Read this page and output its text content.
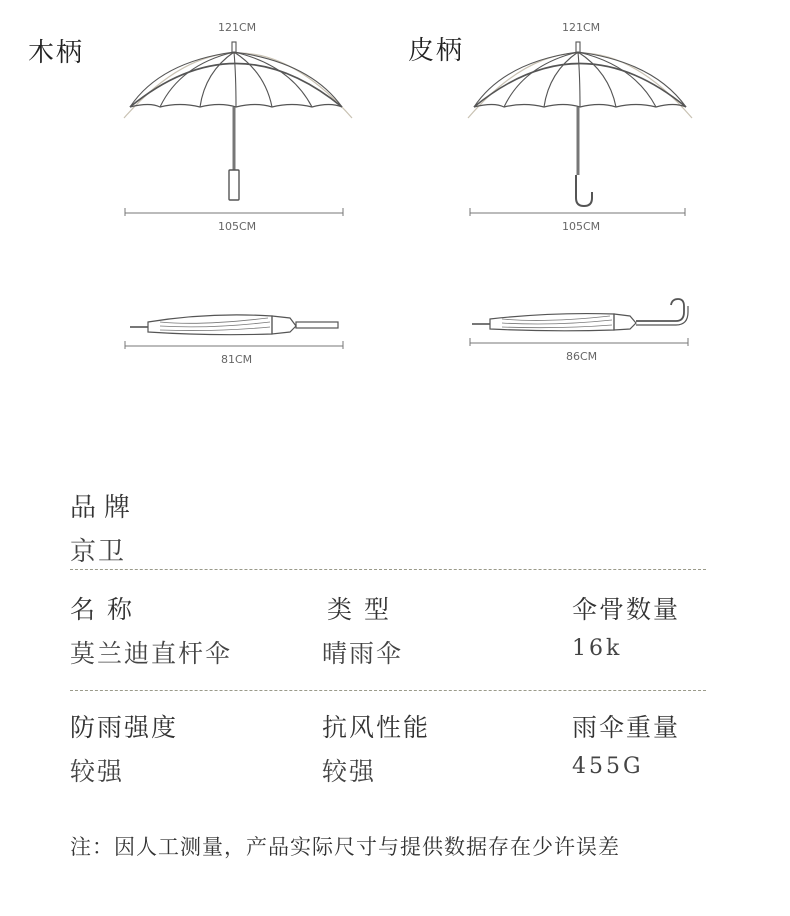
木柄	皮柄
121CM
105CM
121CM
105CM
81CM	86CM
品牌
京卫
名称	类型	伞骨数量
莫兰迪直杆伞	晴雨伞	16k
防雨强度	抗风性能	雨伞重量
较强	较强	455G
注：因人工测量，产品实际尺寸与提供数据存在少许误差
